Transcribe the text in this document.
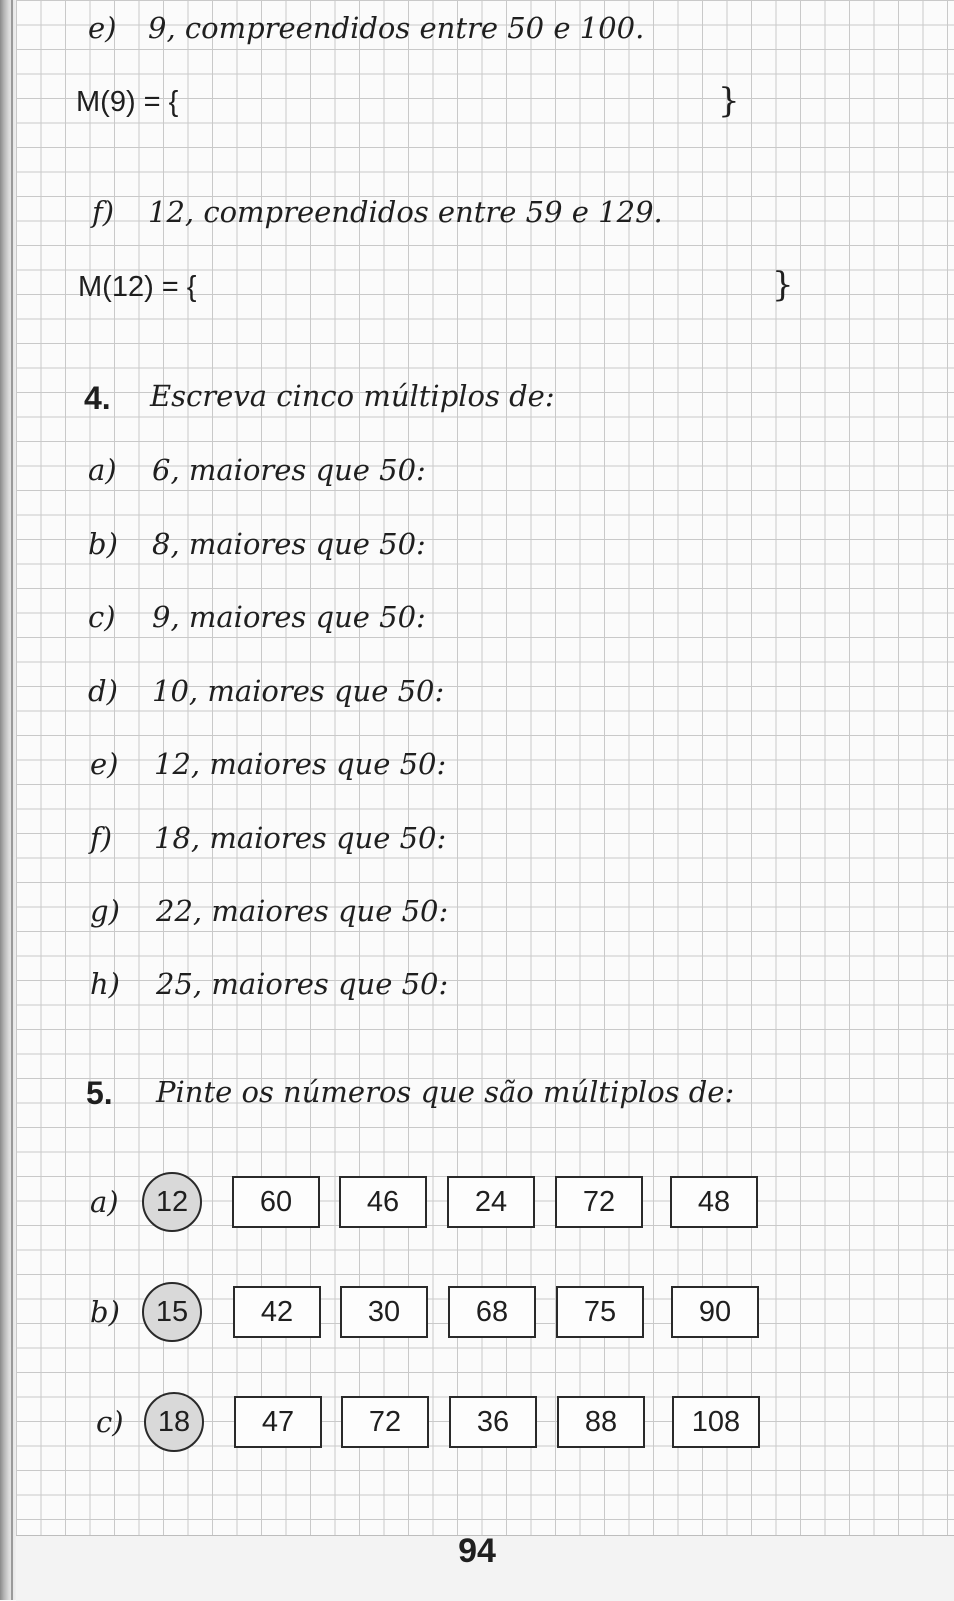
e) 9, compreendidos entre 50 e 100.
M(9) = {	}
f) 12, compreendidos entre 59 e 129.
M(12) = {	}
4. Escreva cinco múltiplos de:
a) 6, maiores que 50:
b) 8, maiores que 50:
c) 9, maiores que 50:
d) 10, maiores que 50:
e) 12, maiores que 50:
f) 18, maiores que 50:
g) 22, maiores que 50:
h) 25, maiores que 50:
5. Pinte os números que são múltiplos de:
a)	12	60	46	24	72	48
b)	15	42	30	68	75	90
c)	18	47	72	36	88	108
94
